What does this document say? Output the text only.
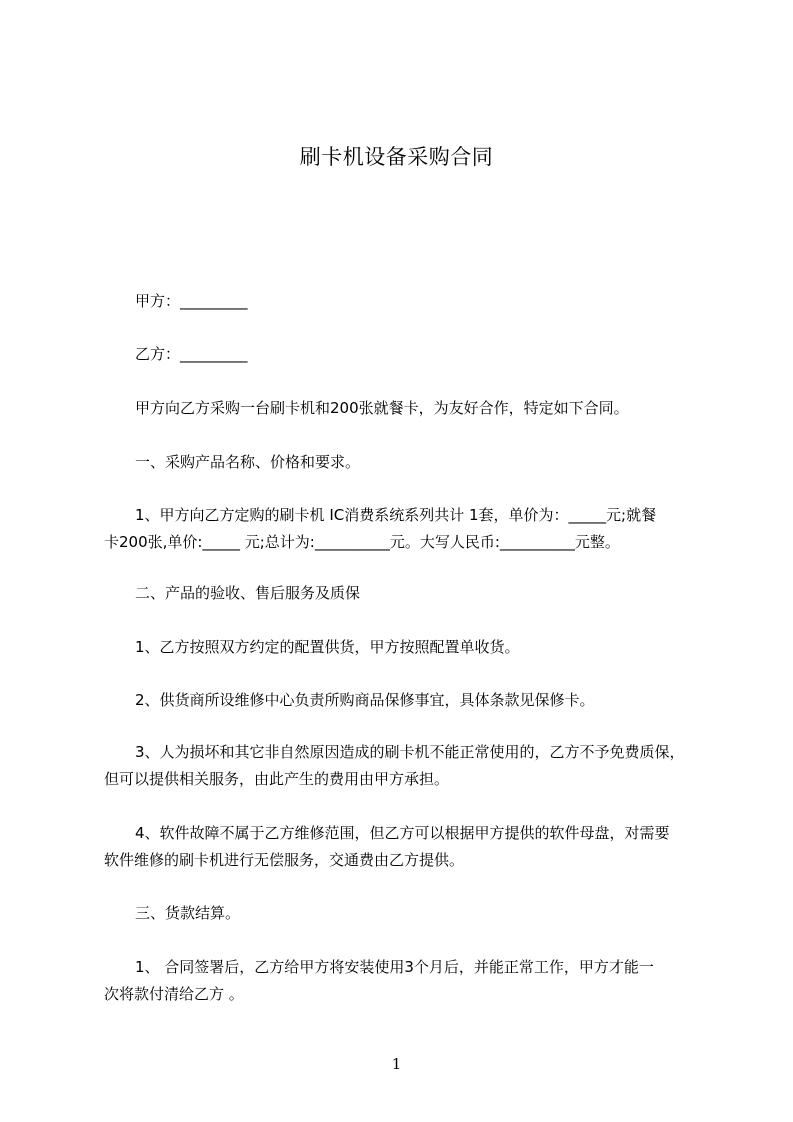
刷卡机设备采购合同
甲方：_________
乙方：_________
甲方向乙方采购一台刷卡机和200张就餐卡，为友好合作，特定如下合同。
一、采购产品名称、价格和要求。
1、甲方向乙方定购的刷卡机 IC消费系统系列共计 1套，单价为：_____元;就餐
卡200张,单价:_____ 元;总计为:__________元。大写人民币:__________元整。
二、产品的验收、售后服务及质保
1、乙方按照双方约定的配置供货，甲方按照配置单收货。
2、供货商所设维修中心负责所购商品保修事宜，具体条款见保修卡。
3、人为损坏和其它非自然原因造成的刷卡机不能正常使用的，乙方不予免费质保，
但可以提供相关服务，由此产生的费用由甲方承担。
4、软件故障不属于乙方维修范围，但乙方可以根据甲方提供的软件母盘，对需要
软件维修的刷卡机进行无偿服务，交通费由乙方提供。
三、货款结算。
1、 合同签署后，乙方给甲方将安装使用3个月后，并能正常工作，甲方才能一
次将款付清给乙方 。
1
